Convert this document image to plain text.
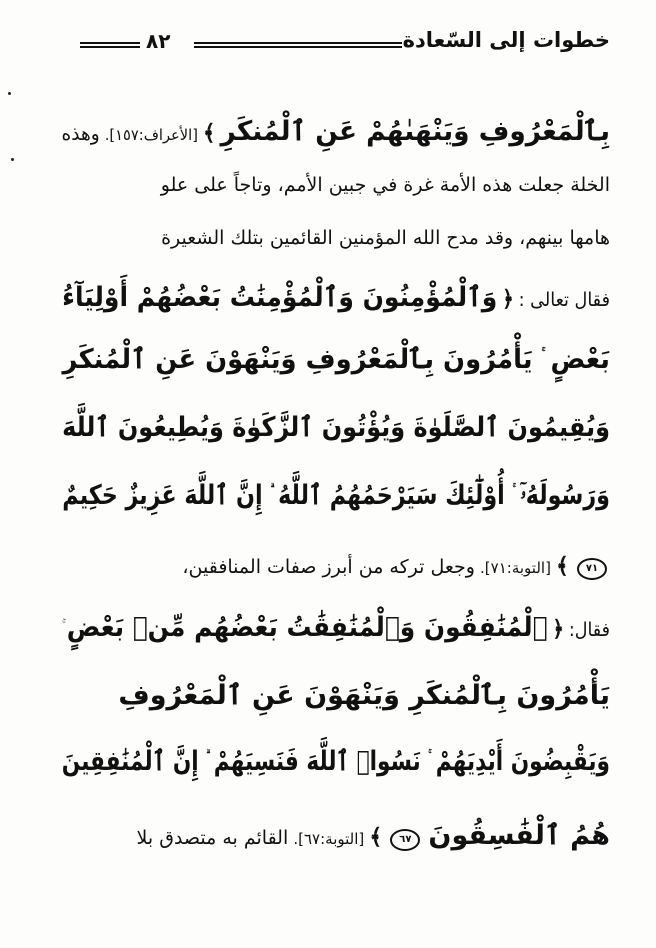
خطوات إلى السّعادة
٨٢
بِٱلْمَعْرُوفِ وَيَنْهَىٰهُمْ عَنِ ٱلْمُنكَرِ ﴾ [الأعراف:١٥٧]. وهذه
الخلة جعلت هذه الأمة غرة في جبين الأمم، وتاجاً على علو
هامها بينهم، وقد مدح الله المؤمنين القائمين بتلك الشعيرة
فقال تعالى : ﴿ وَٱلْمُؤْمِنُونَ وَٱلْمُؤْمِنَٰتُ بَعْضُهُمْ أَوْلِيَآءُ
بَعْضٍ يَأْمُرُونَ بِٱلْمَعْرُوفِ وَيَنْهَوْنَ عَنِ ٱلْمُنكَرِ
وَيُقِيمُونَ ٱلصَّلَوٰةَ وَيُؤْتُونَ ٱلزَّكَوٰةَ وَيُطِيعُونَ ٱللَّهَ
وَرَسُولَهُۥٓ أُوْلَٰٓئِكَ سَيَرْحَمُهُمُ ٱللَّهُ إِنَّ ٱللَّهَ عَزِيزٌ حَكِيمٌ
٧١ ﴾ [التوبة:٧١]. وجعل تركه من أبرز صفات المنافقين،
فقال: ﴿ ٱلْمُنَٰفِقُونَ وَٱلْمُنَٰفِقَٰتُ بَعْضُهُم مِّنۢ بَعْضٍ
يَأْمُرُونَ بِٱلْمُنكَرِ وَيَنْهَوْنَ عَنِ ٱلْمَعْرُوفِ
وَيَقْبِضُونَ أَيْدِيَهُمْ نَسُوا۟ ٱللَّهَ فَنَسِيَهُمْ إِنَّ ٱلْمُنَٰفِقِينَ
هُمُ ٱلْفَٰسِقُونَ ٦٧ ﴾ [التوبة:٦٧]. القائم به متصدق بلا
